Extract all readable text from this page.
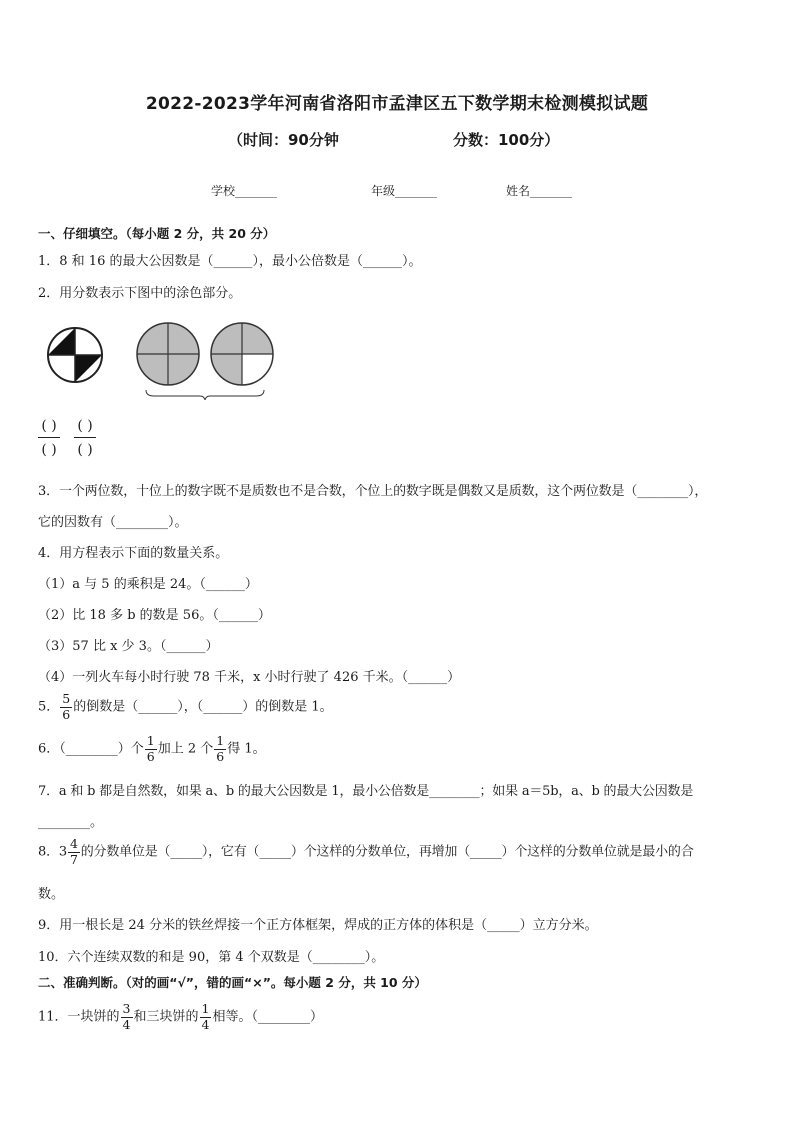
2022-2023学年河南省洛阳市孟津区五下数学期末检测模拟试题
（时间：90分钟	分数：100分）
学校_______	年级_______	姓名_______
一、仔细填空。（每小题 2 分，共 20 分）
1．8 和 16 的最大公因数是（______），最小公倍数是（______）。
2．用分数表示下图中的涂色部分。
( )
( )
( )
( )
3．一个两位数，十位上的数字既不是质数也不是合数，个位上的数字既是偶数又是质数，这个两位数是（________），
它的因数有（________）。
4．用方程表示下面的数量关系。
（1）a 与 5 的乘积是 24。（______）
（2）比 18 多 b 的数是 56。（______）
（3）57 比 x 少 3。（______）
（4）一列火车每小时行驶 78 千米，x 小时行驶了 426 千米。（______）
5． $\frac{5}{6}$ 的倒数是（______），（______）的倒数是 1。
6．（________）个 $\frac{1}{6}$ 加上 2 个 $\frac{1}{6}$ 得 1。
7．a 和 b 都是自然数，如果 a、b 的最大公因数是 1，最小公倍数是________；如果 a＝5b，a、b 的最大公因数是
________。
8．$3 \frac{4}{7}$ 的分数单位是（_____），它有（_____）个这样的分数单位，再增加（_____）个这样的分数单位就是最小的合
数。
9．用一根长是 24 分米的铁丝焊接一个正方体框架，焊成的正方体的体积是（_____）立方分米。
10．六个连续双数的和是 90，第 4 个双数是（________）。
二、准确判断。（对的画“√”，错的画“×”。每小题 2 分，共 10 分）
11．一块饼的 $\frac{3}{4}$ 和三块饼的 $\frac{1}{4}$ 相等。（________）
